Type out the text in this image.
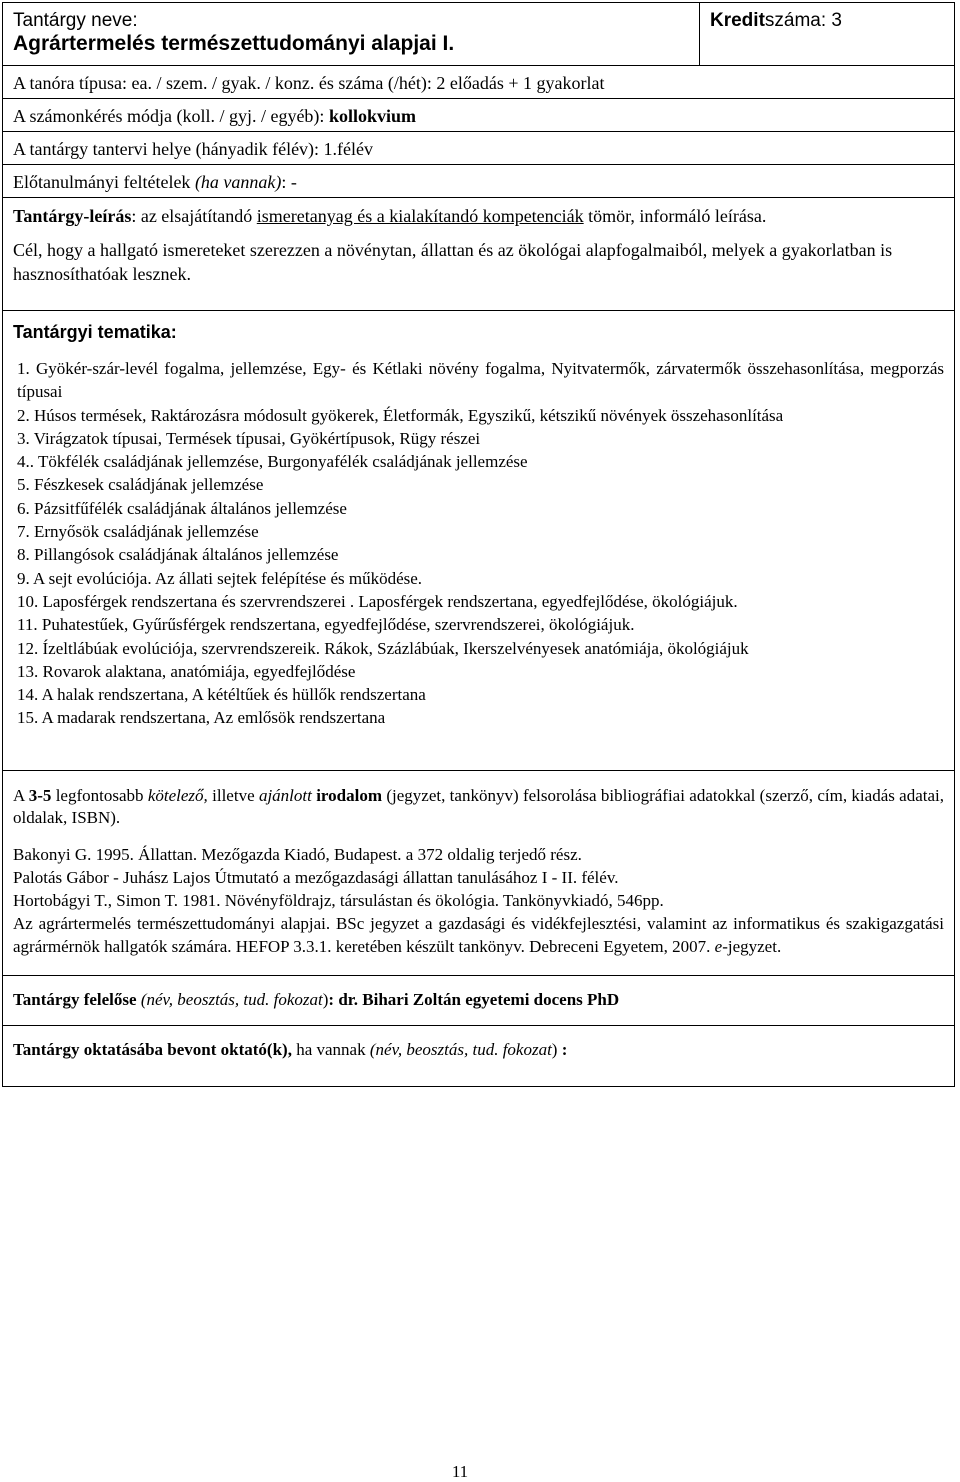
Tantárgy neve:
Agrártermelés természettudományi alapjai I.
Kreditszáma: 3
A tanóra típusa: ea. / szem. / gyak. / konz. és száma (/hét): 2 előadás + 1 gyakorlat
A számonkérés módja (koll. / gyj. / egyéb): kollokvium
A tantárgy tantervi helye (hányadik félév): 1.félév
Előtanulmányi feltételek (ha vannak): -

Tantárgy-leírás: az elsajátítandó ismeretanyag és a kialakítandó kompetenciák tömör, informáló leírása.

Cél, hogy a hallgató ismereteket szerezzen a növénytan, állattan és az ökológai alapfogalmaiból, melyek a gyakorlatban is hasznosíthatóak lesznek.

Tantárgyi tematika:
1. Gyökér-szár-levél fogalma, jellemzése, Egy- és Kétlaki növény fogalma, Nyitvatermők, zárvatermők összehasonlítása, megporzás típusai
2. Húsos termések, Raktározásra módosult gyökerek, Életformák, Egyszikű, kétszikű növények összehasonlítása
3. Virágzatok típusai, Termések típusai, Gyökértípusok, Rügy részei
4.. Tökfélék családjának jellemzése, Burgonyafélék családjának jellemzése
5. Fészkesek családjának jellemzése
6. Pázsitfűfélék családjának általános jellemzése
7. Ernyősök családjának jellemzése
8. Pillangósok családjának általános jellemzése
9. A sejt evolúciója. Az állati sejtek felépítése és működése.
10. Laposférgek rendszertana és szervrendszerei . Laposférgek rendszertana, egyedfejlődése, ökológiájuk.
11. Puhatestűek, Gyűrűsférgek rendszertana, egyedfejlődése, szervrendszerei, ökológiájuk.
12. Ízeltlábúak evolúciója, szervrendszereik. Rákok, Százlábúak, Ikerszelvényesek anatómiája, ökológiájuk
13. Rovarok alaktana, anatómiája, egyedfejlődése
14. A halak rendszertana, A kétéltűek és hüllők rendszertana
15. A madarak rendszertana, Az emlősök rendszertana

A 3-5 legfontosabb kötelező, illetve ajánlott irodalom (jegyzet, tankönyv) felsorolása bibliográfiai adatokkal (szerző, cím, kiadás adatai, oldalak, ISBN).

Bakonyi G. 1995. Állattan. Mezőgazda Kiadó, Budapest. a 372 oldalig terjedő rész.

Palotás Gábor - Juhász Lajos Útmutató a mezőgazdasági állattan tanulásához I - II. félév.

Hortobágyi T., Simon T. 1981. Növényföldrajz, társulástan és ökológia. Tankönyvkiadó, 546pp.

Az agrártermelés természettudományi alapjai. BSc jegyzet a gazdasági és vidékfejlesztési, valamint az informatikus és szakigazgatási agrármérnök hallgatók számára. HEFOP 3.3.1. keretében készült tankönyv. Debreceni Egyetem, 2007. e-jegyzet.

Tantárgy felelőse (név, beosztás, tud. fokozat): dr. Bihari Zoltán egyetemi docens PhD
Tantárgy oktatásába bevont oktató(k), ha vannak (név, beosztás, tud. fokozat) :
11
